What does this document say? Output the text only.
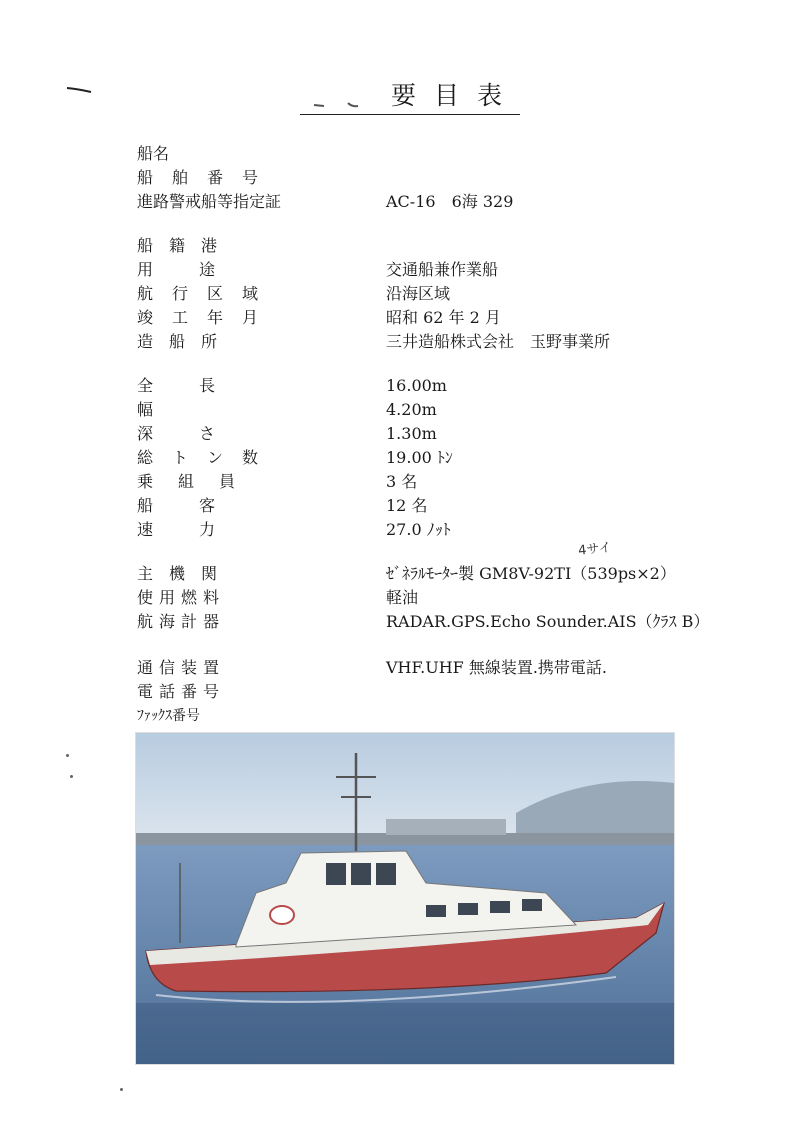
要目表
船名
船舶番号
進路警戒船等指定証	AC-16　6海 329
船籍港
用途	交通船兼作業船
航行区域	沿海区域
竣工年月	昭和 62 年 2 月
造船所	三井造船株式会社　玉野事業所
全長	16.00m
幅	4.20m
深さ	1.30m
総トン数	19.00 ﾄﾝ
乗組員	3 名
船客	12 名
速力	27.0 ﾉｯﾄ
4サイ
主機関	ｾﾞﾈﾗﾙﾓｰﾀｰ製 GM8V-92TI（539ps×2）
使用燃料	軽油
航海計器	RADAR.GPS.Echo Sounder.AIS（ｸﾗｽ B）
通信装置	VHF.UHF 無線装置.携帯電話.
電話番号
ﾌｧｯｸｽ番号
